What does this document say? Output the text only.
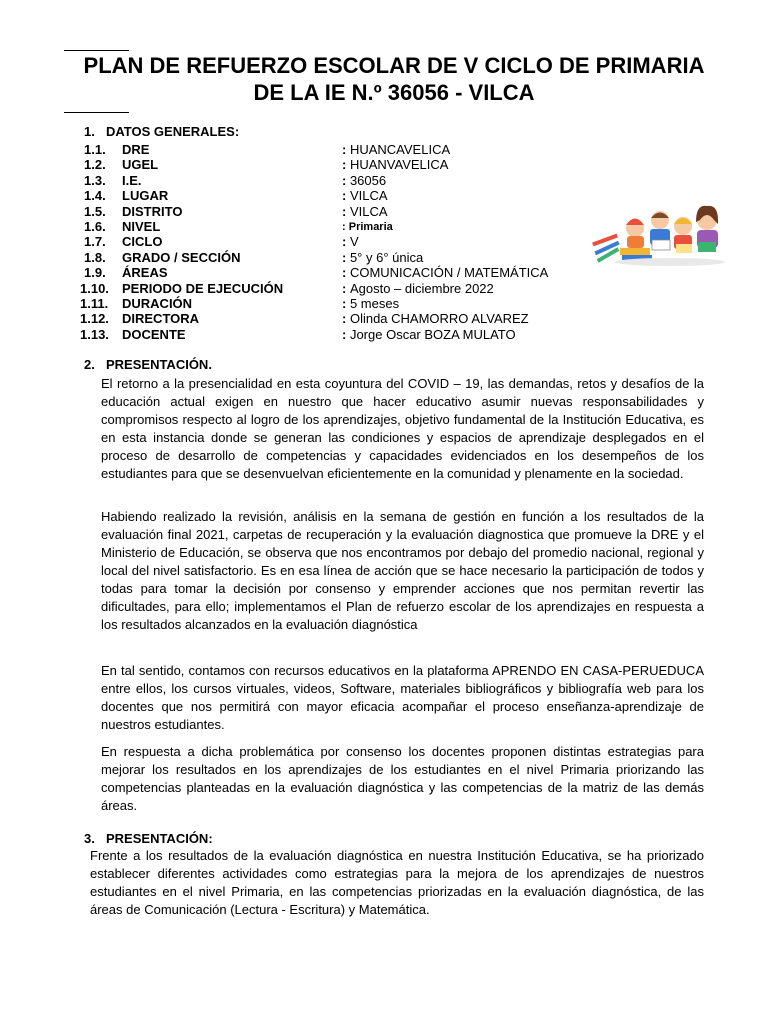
PLAN DE REFUERZO ESCOLAR DE V CICLO DE PRIMARIA
DE LA IE N.º 36056 - VILCA
1. DATOS GENERALES:
1.1. DRE	: HUANCAVELICA
1.2. UGEL	: HUANVAVELICA
1.3. I.E.	: 36056
1.4. LUGAR	: VILCA
1.5. DISTRITO	: VILCA
1.6. NIVEL	: Primaria
1.7. CICLO	: V
1.8. GRADO / SECCIÓN	: 5° y 6° única
1.9. ÁREAS	: COMUNICACIÓN / MATEMÁTICA
1.10. PERIODO DE EJECUCIÓN	: Agosto – diciembre 2022
1.11. DURACIÓN	: 5 meses
1.12. DIRECTORA	: Olinda CHAMORRO ALVAREZ
1.13. DOCENTE	: Jorge Oscar BOZA MULATO
2. PRESENTACIÓN.
El retorno a la presencialidad en esta coyuntura del COVID – 19, las demandas, retos y desafíos de la educación actual exigen en nuestro que hacer educativo asumir nuevas responsabilidades y compromisos respecto al logro de los aprendizajes, objetivo fundamental de la Institución Educativa, es en esta instancia donde se generan las condiciones y espacios de aprendizaje desplegados en el proceso de desarrollo de competencias y capacidades evidenciados en los desempeños de los estudiantes para que se desenvuelvan eficientemente en la comunidad y plenamente en la sociedad.
Habiendo realizado la revisión, análisis en la semana de gestión en función a los resultados de la evaluación final 2021, carpetas de recuperación y la evaluación diagnostica que promueve la DRE y el Ministerio de Educación, se observa que nos encontramos por debajo del promedio nacional, regional y local del nivel satisfactorio. Es en esa línea de acción que se hace necesario la participación de todos y todas para tomar la decisión por consenso y emprender acciones que nos permitan revertir las dificultades, para ello; implementamos el Plan de refuerzo escolar de los aprendizajes en respuesta a los resultados alcanzados en la evaluación diagnóstica
En tal sentido, contamos con recursos educativos en la plataforma APRENDO EN CASA-PERUEDUCA entre ellos, los cursos virtuales, videos, Software, materiales bibliográficos y bibliografía web para los docentes que nos permitirá con mayor eficacia acompañar el proceso enseñanza-aprendizaje de nuestros estudiantes.
En respuesta a dicha problemática por consenso los docentes proponen distintas estrategias para mejorar los resultados en los aprendizajes de los estudiantes en el nivel Primaria priorizando las competencias planteadas en la evaluación diagnóstica y las competencias de la matriz de las demás áreas.
3. PRESENTACIÓN:
Frente a los resultados de la evaluación diagnóstica en nuestra Institución Educativa, se ha priorizado establecer diferentes actividades como estrategias para la mejora de los aprendizajes de nuestros estudiantes en el nivel Primaria, en las competencias priorizadas en la evaluación diagnóstica, de las áreas de Comunicación (Lectura - Escritura) y Matemática.
